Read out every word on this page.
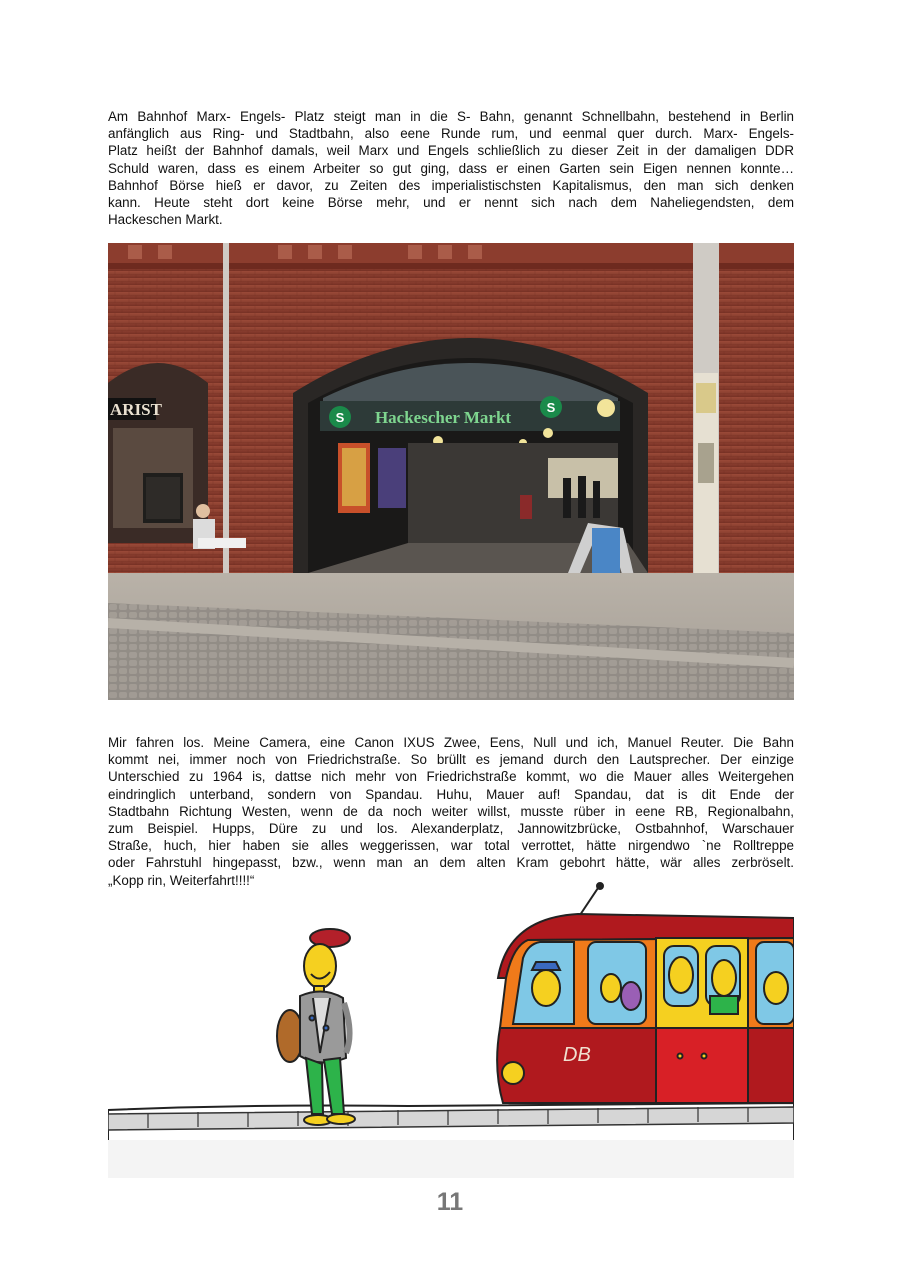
Am Bahnhof Marx- Engels- Platz steigt man in die S- Bahn, genannt Schnellbahn, bestehend in Berlin
anfänglich aus Ring- und Stadtbahn, also eene Runde rum, und eenmal quer durch. Marx- Engels-
Platz heißt der Bahnhof damals, weil Marx und Engels schließlich zu dieser Zeit in der damaligen DDR
Schuld waren, dass es einem Arbeiter so gut ging, dass er einen Garten sein Eigen nennen konnte…
Bahnhof Börse hieß er davor, zu Zeiten des imperialistischsten Kapitalismus, den man sich denken
kann. Heute steht dort keine Börse mehr, und er nennt sich nach dem Naheliegendsten, dem
Hackeschen Markt.
ARIST	S Hackescher Markt
S
Mir fahren los. Meine Camera, eine Canon IXUS Zwee, Eens, Null und ich, Manuel Reuter. Die Bahn
kommt nei, immer noch von Friedrichstraße. So brüllt es jemand durch den Lautsprecher. Der einzige
Unterschied zu 1964 is, dattse nich mehr von Friedrichstraße kommt, wo die Mauer alles Weitergehen
eindringlich unterband, sondern von Spandau. Huhu, Mauer auf! Spandau, dat is dit Ende der
Stadtbahn Richtung Westen, wenn de da noch weiter willst, musste rüber in eene RB, Regionalbahn,
zum Beispiel. Hupps, Düre zu und los. Alexanderplatz, Jannowitzbrücke, Ostbahnhof, Warschauer
Straße, huch, hier haben sie alles weggerissen, war total verrottet, hätte nirgendwo `ne Rolltreppe
oder Fahrstuhl hingepasst, bzw., wenn man an dem alten Kram gebohrt hätte, wär alles zerbröselt.
„Kopp rin, Weiterfahrt!!!!“
DB
11
